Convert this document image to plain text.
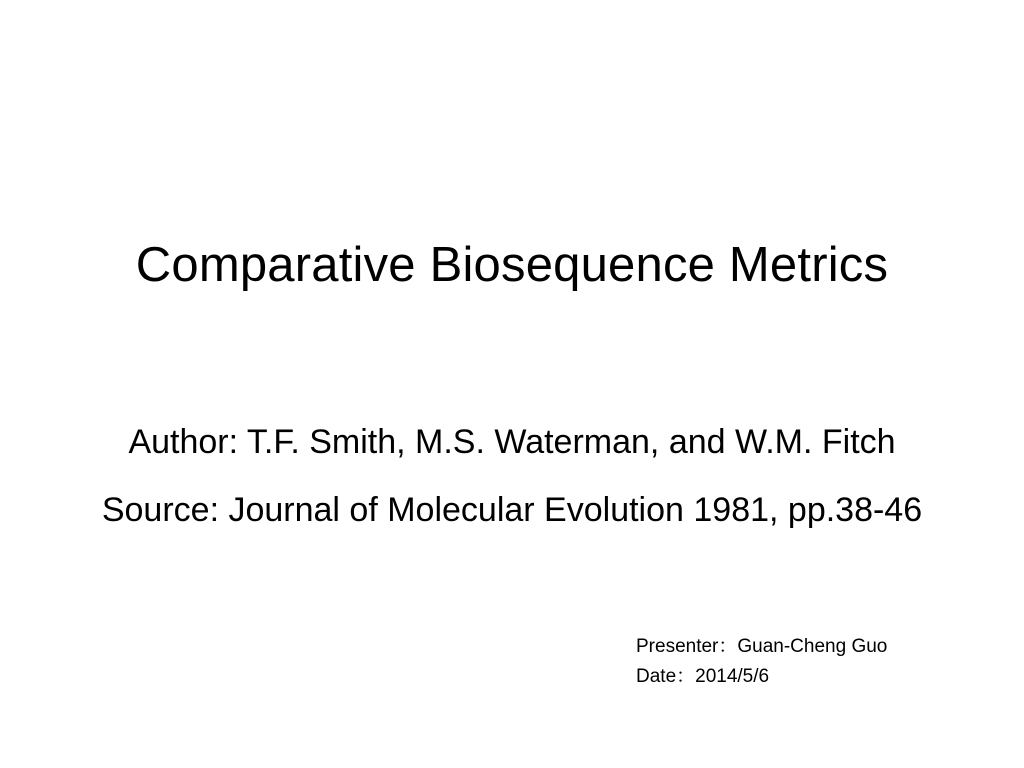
Comparative Biosequence Metrics
Author: T.F. Smith, M.S. Waterman, and W.M. Fitch
Source: Journal of Molecular Evolution 1981, pp.38-46
Presenter：Guan-Cheng Guo
Date：2014/5/6
